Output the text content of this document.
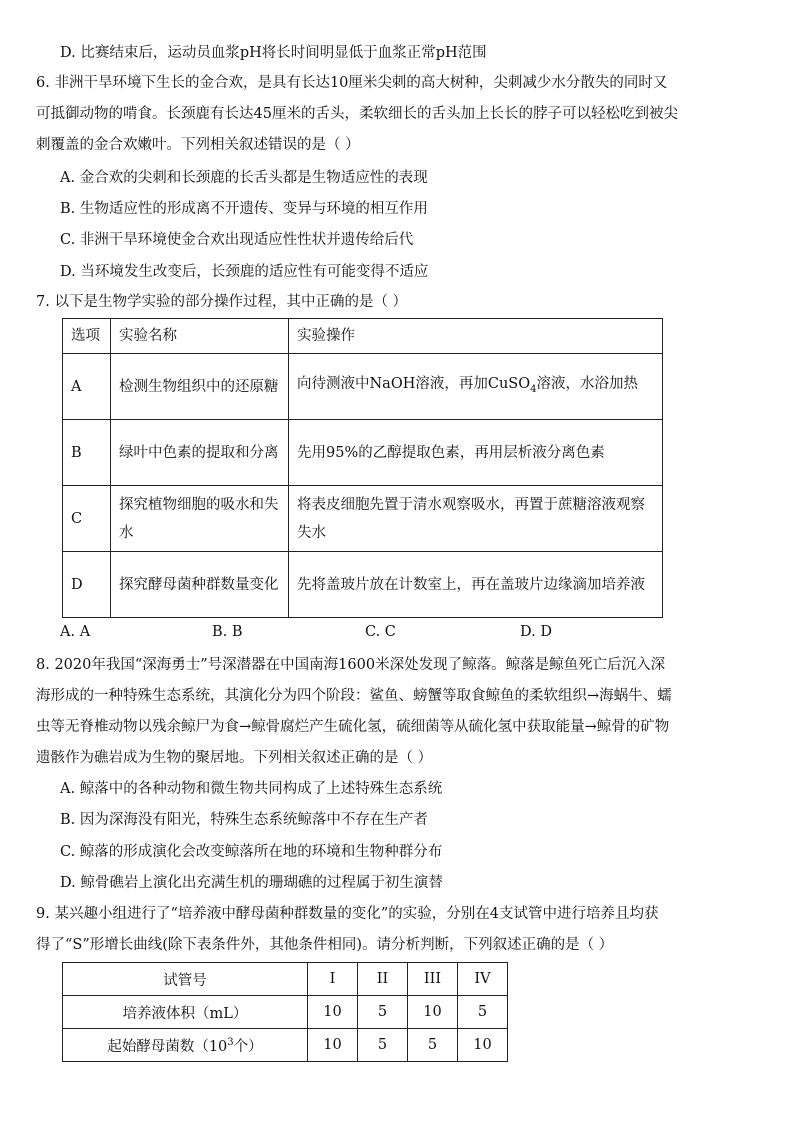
D. 比赛结束后，运动员血浆pH将长时间明显低于血浆正常pH范围
6. 非洲干旱环境下生长的金合欢，是具有长达10厘米尖刺的高大树种，尖刺减少水分散失的同时又
可抵御动物的啃食。长颈鹿有长达45厘米的舌头，柔软细长的舌头加上长长的脖子可以轻松吃到被尖
刺覆盖的金合欢嫩叶。下列相关叙述错误的是（ ）
A. 金合欢的尖刺和长颈鹿的长舌头都是生物适应性的表现
B. 生物适应性的形成离不开遗传、变异与环境的相互作用
C. 非洲干旱环境使金合欢出现适应性性状并遗传给后代
D. 当环境发生改变后，长颈鹿的适应性有可能变得不适应
7. 以下是生物学实验的部分操作过程，其中正确的是（ ）
选项	实验名称	实验操作
A	检测生物组织中的还原糖	向待测液中NaOH溶液，再加CuSO$_4$溶液，水浴加热
B	绿叶中色素的提取和分离	先用95%的乙醇提取色素，再用层析液分离色素
C	探究植物细胞的吸水和失水	将表皮细胞先置于清水观察吸水，再置于蔗糖溶液观察失水
D	探究酵母菌种群数量变化	先将盖玻片放在计数室上，再在盖玻片边缘滴加培养液
A. A	B. B	C. C	D. D
8. 2020年我国“深海勇士”号深潜器在中国南海1600米深处发现了鲸落。鲸落是鲸鱼死亡后沉入深
海形成的一种特殊生态系统，其演化分为四个阶段：鲨鱼、螃蟹等取食鲸鱼的柔软组织→海蜗牛、蠕
虫等无脊椎动物以残余鲸尸为食→鲸骨腐烂产生硫化氢，硫细菌等从硫化氢中获取能量→鲸骨的矿物
遗骸作为礁岩成为生物的聚居地。下列相关叙述正确的是（ ）
A. 鲸落中的各种动物和微生物共同构成了上述特殊生态系统
B. 因为深海没有阳光，特殊生态系统鲸落中不存在生产者
C. 鲸落的形成演化会改变鲸落所在地的环境和生物种群分布
D. 鲸骨礁岩上演化出充满生机的珊瑚礁的过程属于初生演替
9. 某兴趣小组进行了“培养液中酵母菌种群数量的变化”的实验，分别在4支试管中进行培养且均获
得了“S”形增长曲线(除下表条件外，其他条件相同)。请分析判断，下列叙述正确的是（ ）
试管号	I	II	III	IV
培养液体积（mL）	10	5	10	5
起始酵母菌数（$10^3$个）	10	5	5	10
